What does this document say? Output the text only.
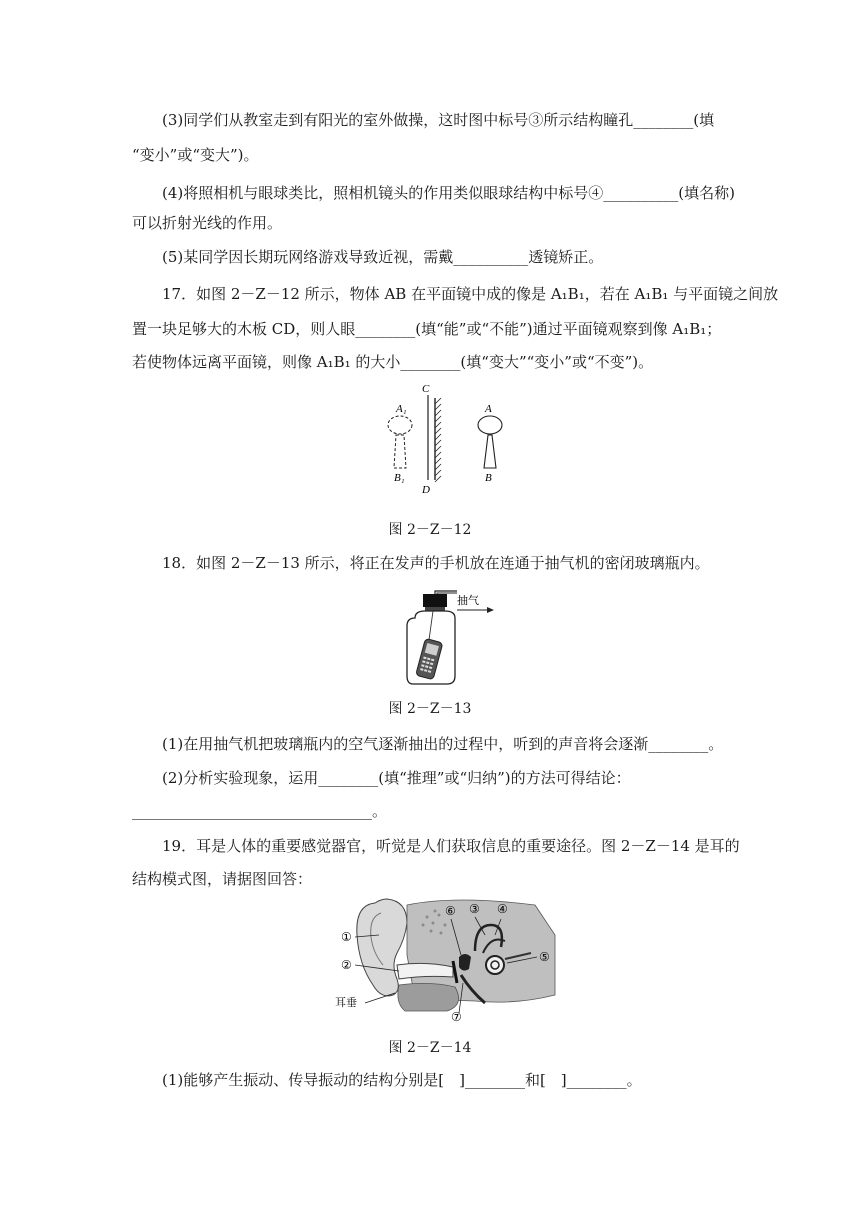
(3)同学们从教室走到有阳光的室外做操，这时图中标号③所示结构瞳孔________(填
“变小”或“变大”)。
(4)将照相机与眼球类比，照相机镜头的作用类似眼球结构中标号④__________(填名称)
可以折射光线的作用。
(5)某同学因长期玩网络游戏导致近视，需戴__________透镜矫正。
17．如图 2－Z－12 所示，物体 AB 在平面镜中成的像是 A₁B₁，若在 A₁B₁ 与平面镜之间放
置一块足够大的木板 CD，则人眼________(填“能”或“不能”)通过平面镜观察到像 A₁B₁；
若使物体远离平面镜，则像 A₁B₁ 的大小________(填“变大”“变小”或“不变”)。
C
D
A₁
B₁
A
B
图 2－Z－12
18．如图 2－Z－13 所示，将正在发声的手机放在连通于抽气机的密闭玻璃瓶内。
抽气
图 2－Z－13
(1)在用抽气机把玻璃瓶内的空气逐渐抽出的过程中，听到的声音将会逐渐________。
(2)分析实验现象，运用________(填“推理”或“归纳”)的方法可得结论：
________________________________。
19．耳是人体的重要感觉器官，听觉是人们获取信息的重要途径。图 2－Z－14 是耳的
结构模式图，请据图回答：
①
②
⑥ ③ ④
⑤
⑦
耳垂
图 2－Z－14
(1)能够产生振动、传导振动的结构分别是[　]________和[　]________。
